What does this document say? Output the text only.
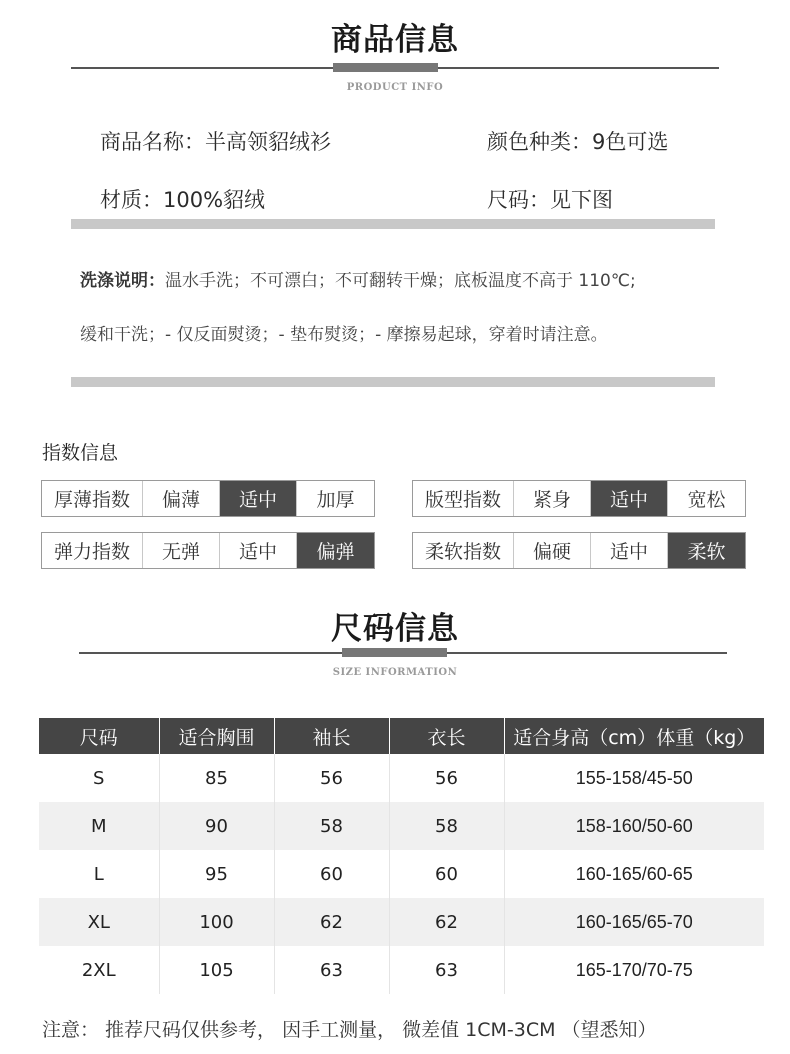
商品信息
PRODUCT INFO
商品名称：半高领貂绒衫	颜色种类：9色可选
材质：100%貂绒	尺码：见下图
洗涤说明：温水手洗；不可漂白；不可翻转干燥；底板温度不高于 110℃;
缓和干洗；- 仅反面熨烫；- 垫布熨烫；- 摩擦易起球，穿着时请注意。
指数信息
厚薄指数	偏薄	适中	加厚	版型指数	紧身	适中	宽松
弹力指数	无弹	适中	偏弹	柔软指数	偏硬	适中	柔软
尺码信息
SIZE INFORMATION
尺码	适合胸围	袖长	衣长	适合身高（cm）体重（kg）
S	85	56	56	155-158/45-50
M	90	58	58	158-160/50-60
L	95	60	60	160-165/60-65
XL	100	62	62	160-165/65-70
2XL	105	63	63	165-170/70-75
注意： 推荐尺码仅供参考， 因手工测量， 微差值 1CM-3CM （望悉知）
